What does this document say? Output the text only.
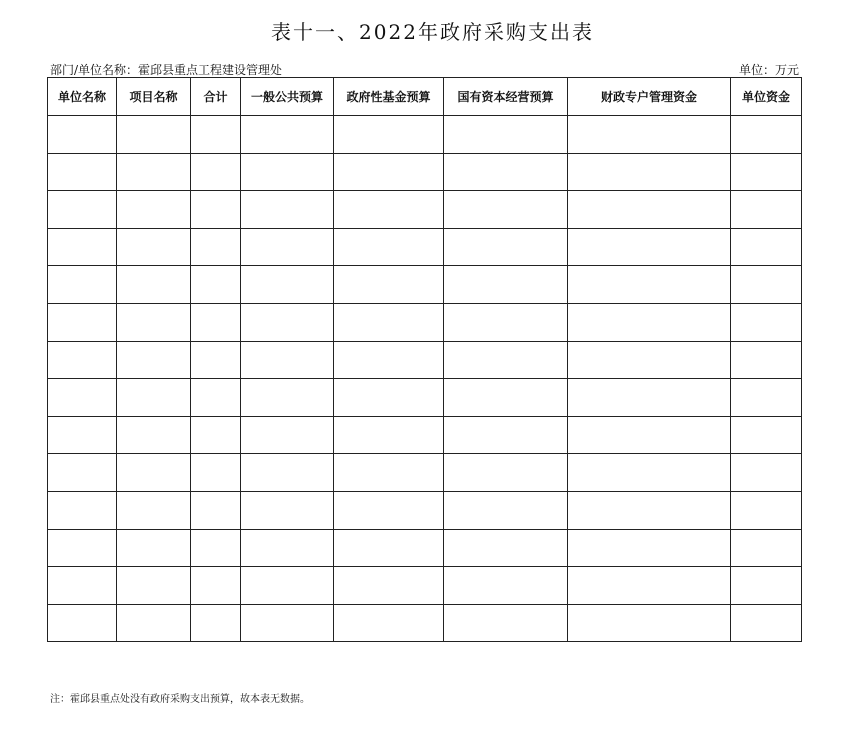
表十一、2022年政府采购支出表
部门/单位名称：霍邱县重点工程建设管理处	单位：万元
单位名称	项目名称	合计	一般公共预算	政府性基金预算	国有资本经营预算	财政专户管理资金	单位资金

注：霍邱县重点处没有政府采购支出预算，故本表无数据。
